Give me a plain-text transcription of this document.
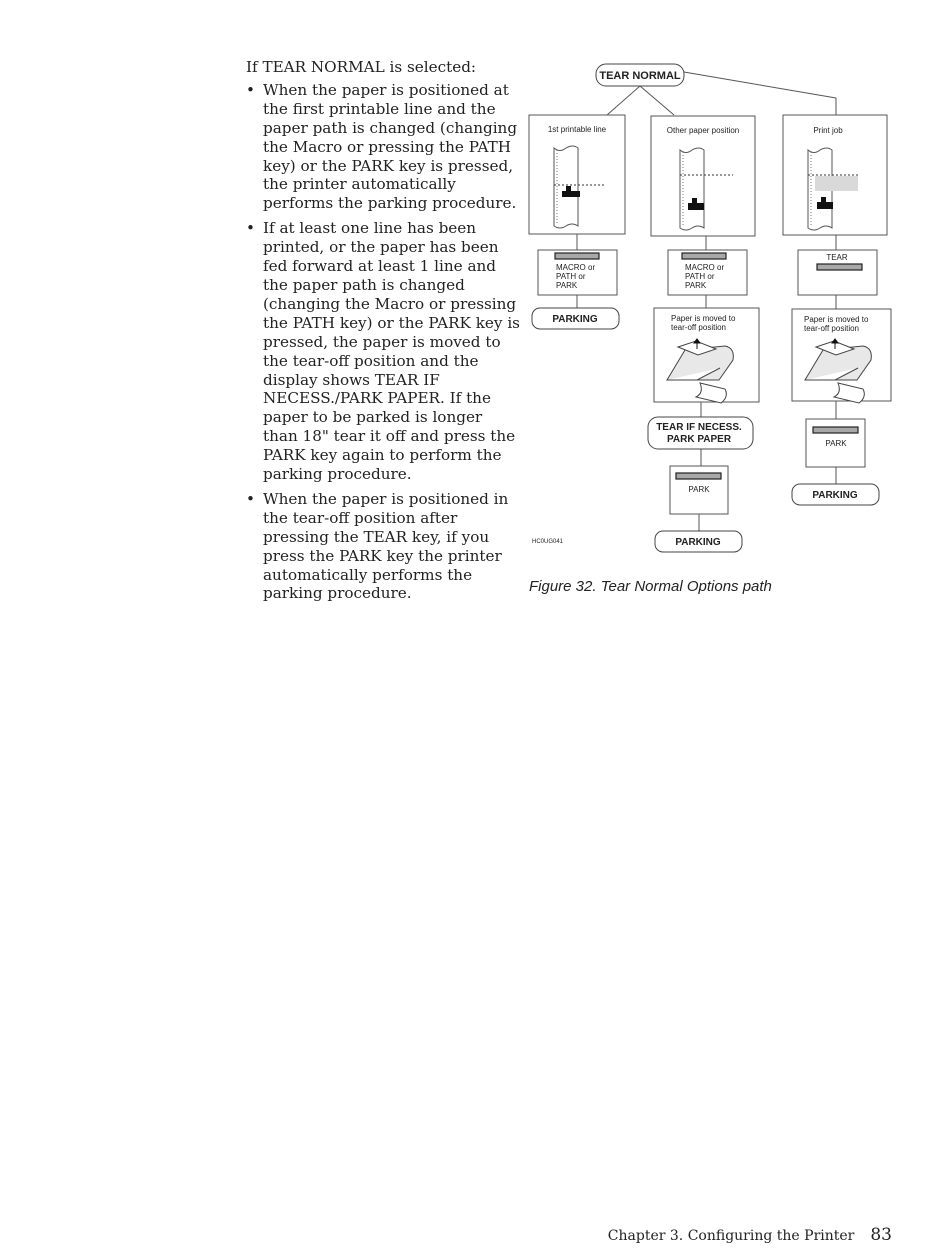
If TEAR NORMAL is selected:

• When the paper is positioned at the first printable line and the paper path is changed (changing the Macro or pressing the PATH key) or the PARK key is pressed, the printer automatically performs the parking procedure.
• If at least one line has been printed, or the paper has been fed forward at least 1 line and the paper path is changed (changing the Macro or pressing the PATH key) or the PARK key is pressed, the paper is moved to the tear-off position and the display shows TEAR IF NECESS./PARK PAPER. If the paper to be parked is longer than 18" tear it off and press the PARK key again to perform the parking procedure.
• When the paper is positioned in the tear-off position after pressing the TEAR key, if you press the PARK key the printer automatically performs the parking procedure.
TEAR NORMAL
1st printable line	Other paper position	Print job
MACRO or
PATH or
PARK
PARKING
MACRO or
PATH or
PARK
Paper is moved to
tear-off position
TEAR IF NECESS.
PARK PAPER
PARK
PARKING
TEAR
Paper is moved to
tear-off position
PARK
PARKING
HC0UG041
Figure 32. Tear Normal Options path
Chapter 3. Configuring the Printer 83
